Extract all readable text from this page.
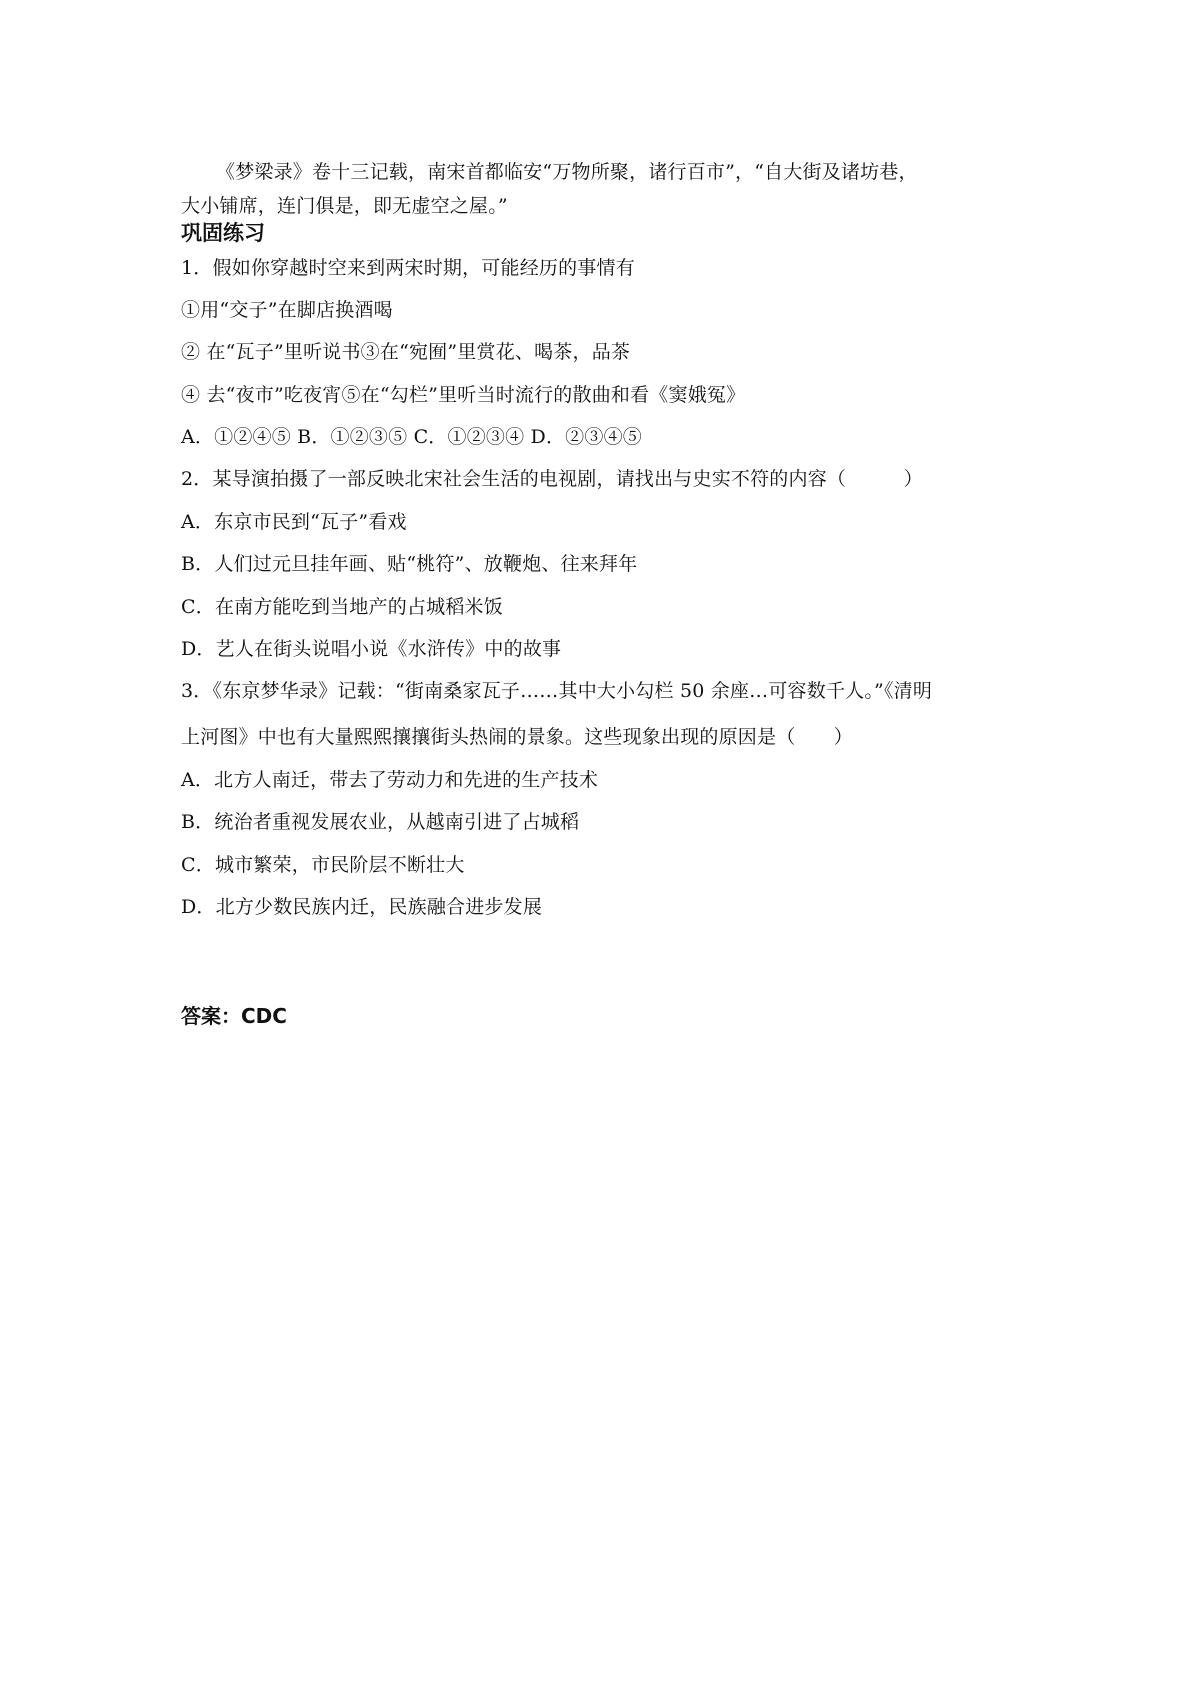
《梦梁录》卷十三记载，南宋首都临安“万物所聚，诸行百市”，“自大街及诸坊巷，
大小铺席，连门俱是，即无虚空之屋。”
巩固练习
1．假如你穿越时空来到两宋时期，可能经历的事情有
①用“交子”在脚店换酒喝
② 在“瓦子”里听说书③在“宛囿”里赏花、喝茶，品茶
④ 去“夜市”吃夜宵⑤在“勾栏”里听当时流行的散曲和看《窦娥冤》
A．①②④⑤ B．①②③⑤ C．①②③④ D．②③④⑤
2．某导演拍摄了一部反映北宋社会生活的电视剧，请找出与史实不符的内容（　　　）
A．东京市民到“瓦子”看戏
B．人们过元旦挂年画、贴“桃符”、放鞭炮、往来拜年
C．在南方能吃到当地产的占城稻米饭
D．艺人在街头说唱小说《水浒传》中的故事
3．《东京梦华录》记载：“街南桑家瓦子……其中大小勾栏 50 余座…可容数千人。”《清明
上河图》中也有大量熙熙攘攘街头热闹的景象。这些现象出现的原因是（　　）
A．北方人南迁，带去了劳动力和先进的生产技术
B．统治者重视发展农业，从越南引进了占城稻
C．城市繁荣，市民阶层不断壮大
D．北方少数民族内迁，民族融合进步发展
答案：CDC
